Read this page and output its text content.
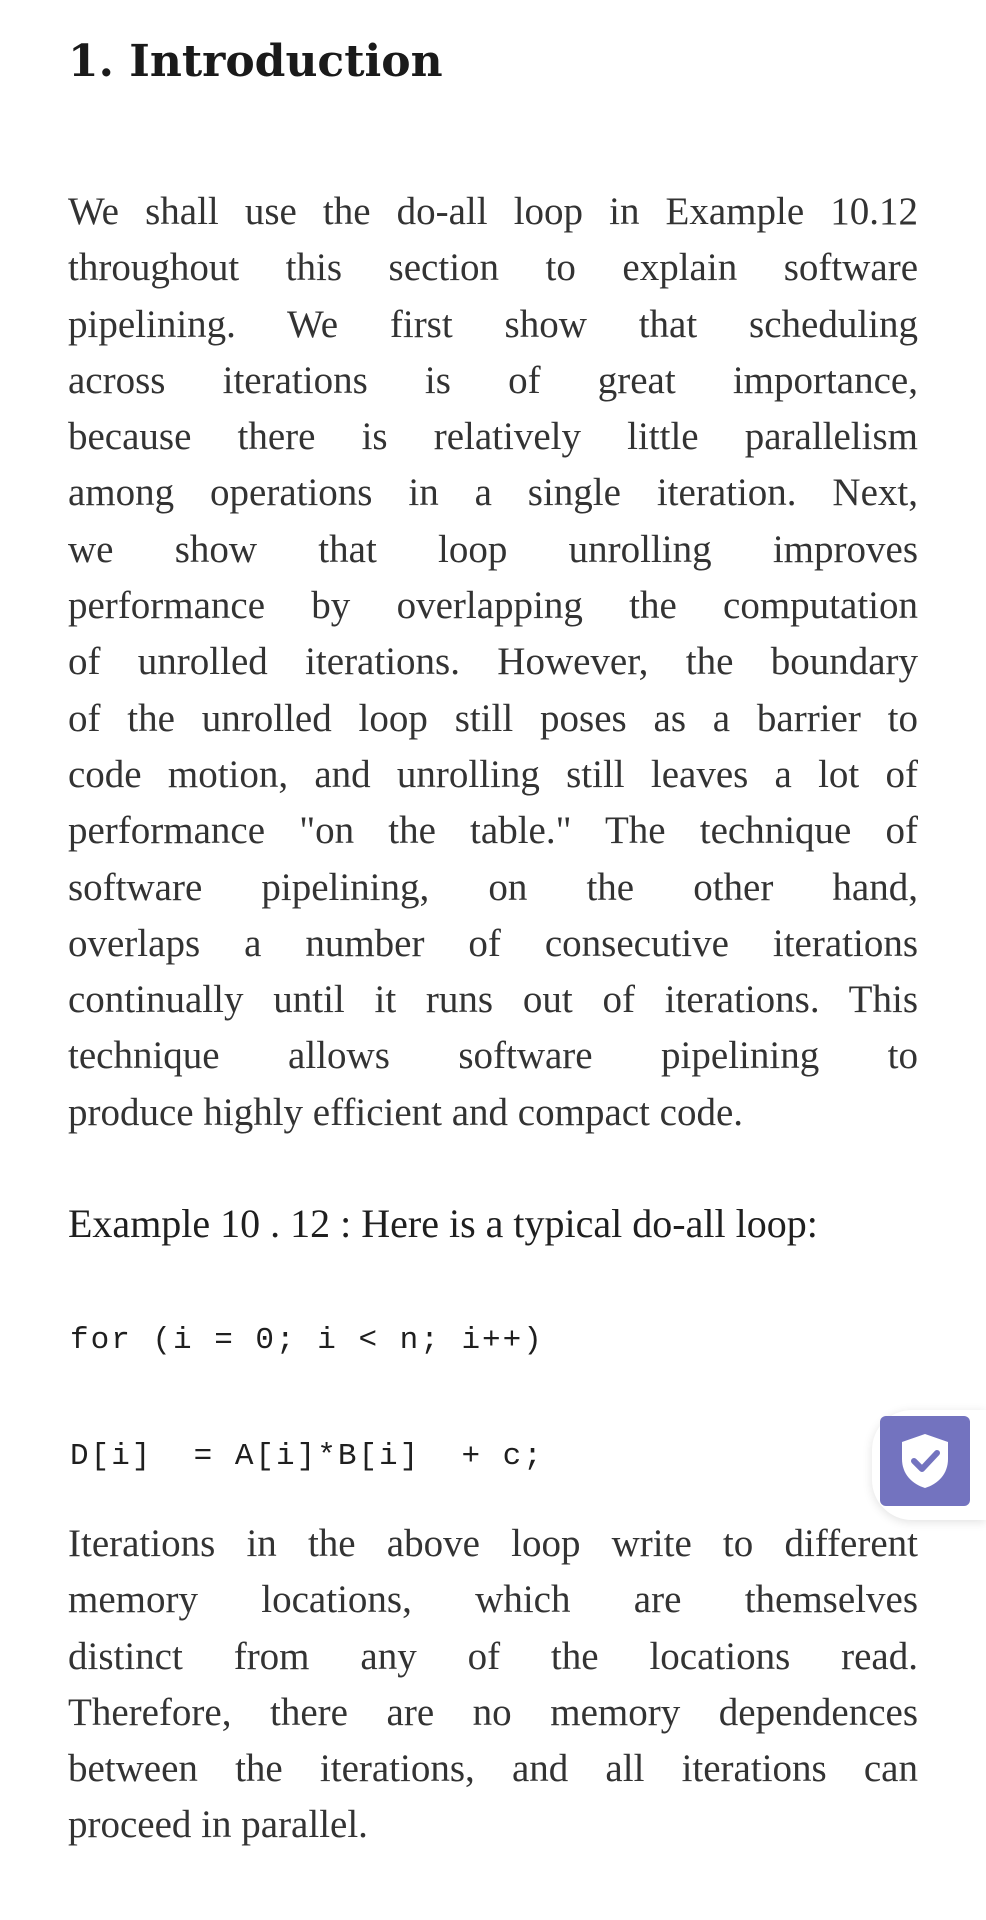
1. Introduction

We shall use the do-all loop in Example 10.12
throughout this section to explain software
pipelining. We first show that scheduling
across iterations is of great importance,
because there is relatively little parallelism
among operations in a single iteration. Next,
we show that loop unrolling improves
performance by overlapping the computation
of unrolled iterations. However, the boundary
of the unrolled loop still poses as a barrier to
code motion, and unrolling still leaves a lot of
performance "on the table." The technique of
software pipelining, on the other hand,
overlaps a number of consecutive iterations
continually until it runs out of iterations. This
technique allows software pipelining to
produce highly efficient and compact code.

Example 10 . 12 : Here is a typical do-all loop:

for (i = 0; i < n; i++)
D[i]  = A[i]*B[i]  + c;

Iterations in the above loop write to different
memory locations, which are themselves
distinct from any of the locations read.
Therefore, there are no memory dependences
between the iterations, and all iterations can
proceed in parallel.
